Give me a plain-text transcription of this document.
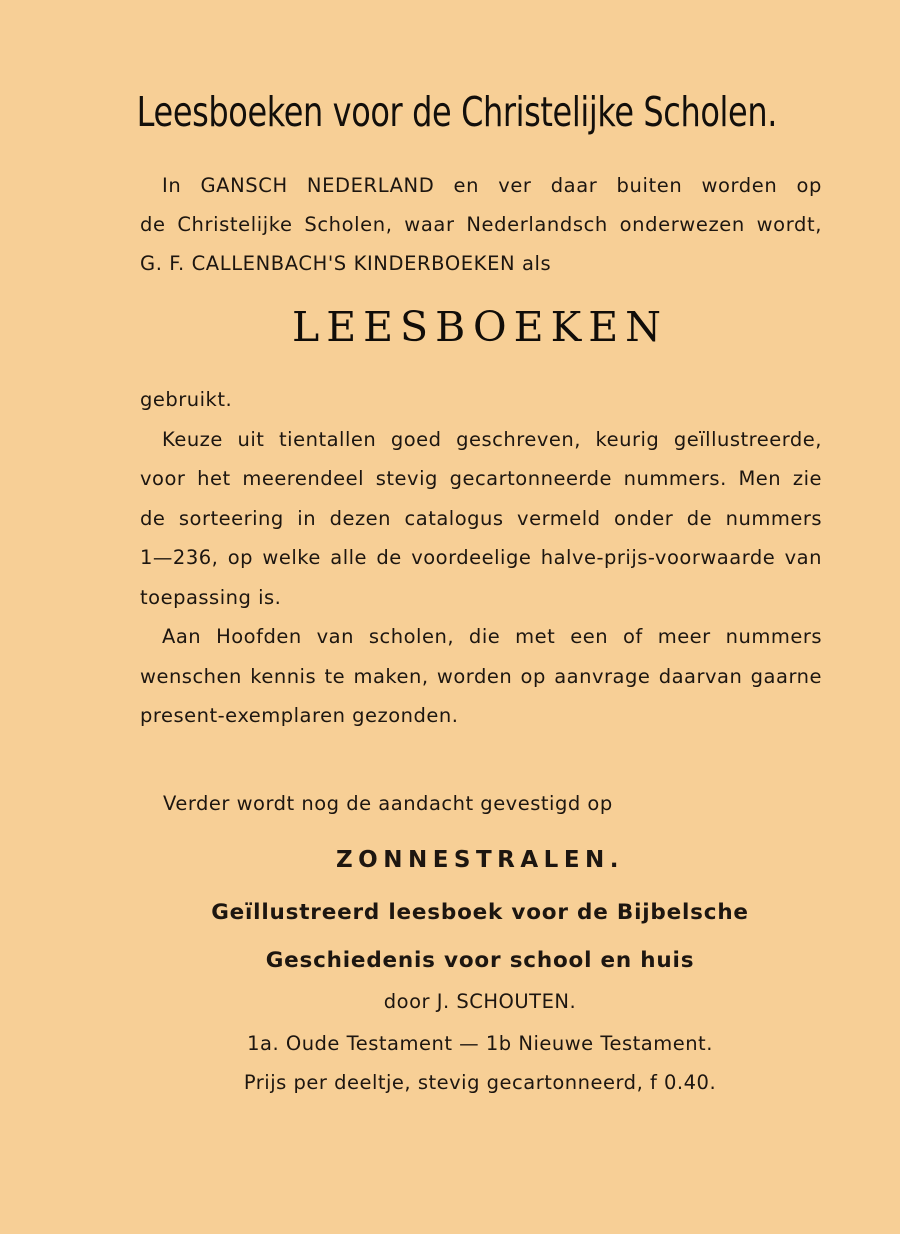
Leesboeken voor de Christelijke Scholen.
In GANSCH NEDERLAND en ver daar buiten worden op
de Christelijke Scholen, waar Nederlandsch onderwezen wordt,
G. F. CALLENBACH'S KINDERBOEKEN als
LEESBOEKEN
gebruikt.
Keuze uit tientallen goed geschreven, keurig geïllustreerde,
voor het meerendeel stevig gecartonneerde nummers. Men zie
de sorteering in dezen catalogus vermeld onder de nummers
1—236, op welke alle de voordeelige halve-prijs-voorwaarde van
toepassing is.
Aan Hoofden van scholen, die met een of meer nummers
wenschen kennis te maken, worden op aanvrage daarvan gaarne
present-exemplaren gezonden.
Verder wordt nog de aandacht gevestigd op
ZONNESTRALEN.
Geïllustreerd leesboek voor de Bijbelsche
Geschiedenis voor school en huis
door J. SCHOUTEN.
1a. Oude Testament — 1b Nieuwe Testament.
Prijs per deeltje, stevig gecartonneerd, f 0.40.
